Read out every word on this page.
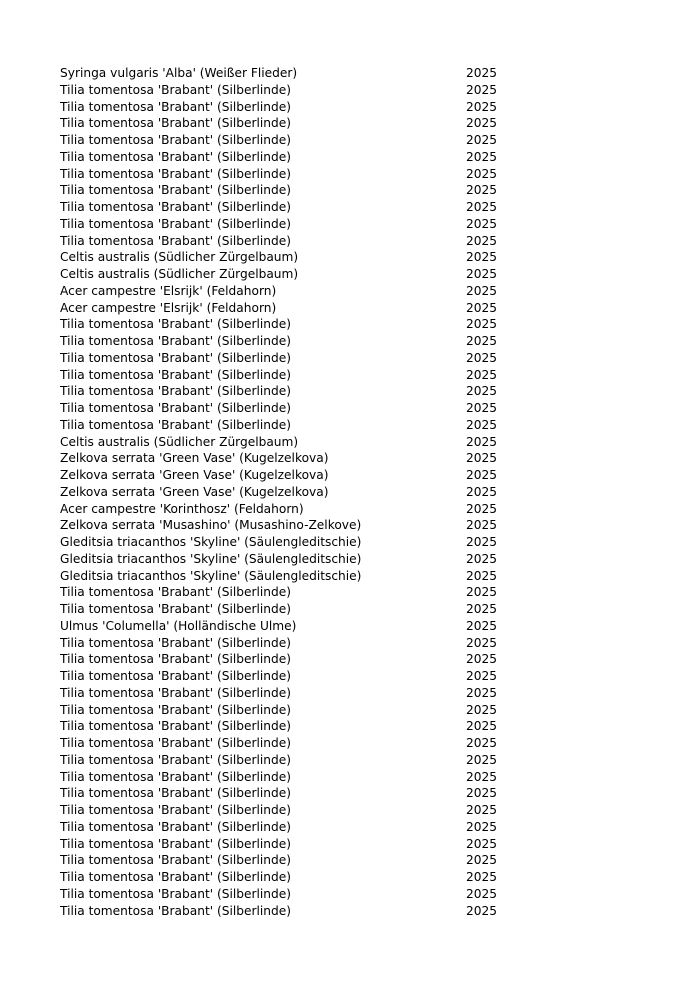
Syringa vulgaris 'Alba' (Weißer Flieder)	2025
Tilia tomentosa 'Brabant' (Silberlinde)	2025
Tilia tomentosa 'Brabant' (Silberlinde)	2025
Tilia tomentosa 'Brabant' (Silberlinde)	2025
Tilia tomentosa 'Brabant' (Silberlinde)	2025
Tilia tomentosa 'Brabant' (Silberlinde)	2025
Tilia tomentosa 'Brabant' (Silberlinde)	2025
Tilia tomentosa 'Brabant' (Silberlinde)	2025
Tilia tomentosa 'Brabant' (Silberlinde)	2025
Tilia tomentosa 'Brabant' (Silberlinde)	2025
Tilia tomentosa 'Brabant' (Silberlinde)	2025
Celtis australis (Südlicher Zürgelbaum)	2025
Celtis australis (Südlicher Zürgelbaum)	2025
Acer campestre 'Elsrijk' (Feldahorn)	2025
Acer campestre 'Elsrijk' (Feldahorn)	2025
Tilia tomentosa 'Brabant' (Silberlinde)	2025
Tilia tomentosa 'Brabant' (Silberlinde)	2025
Tilia tomentosa 'Brabant' (Silberlinde)	2025
Tilia tomentosa 'Brabant' (Silberlinde)	2025
Tilia tomentosa 'Brabant' (Silberlinde)	2025
Tilia tomentosa 'Brabant' (Silberlinde)	2025
Tilia tomentosa 'Brabant' (Silberlinde)	2025
Celtis australis (Südlicher Zürgelbaum)	2025
Zelkova serrata 'Green Vase' (Kugelzelkova)	2025
Zelkova serrata 'Green Vase' (Kugelzelkova)	2025
Zelkova serrata 'Green Vase' (Kugelzelkova)	2025
Acer campestre 'Korinthosz' (Feldahorn)	2025
Zelkova serrata 'Musashino' (Musashino-Zelkove)	2025
Gleditsia triacanthos 'Skyline' (Säulengleditschie)	2025
Gleditsia triacanthos 'Skyline' (Säulengleditschie)	2025
Gleditsia triacanthos 'Skyline' (Säulengleditschie)	2025
Tilia tomentosa 'Brabant' (Silberlinde)	2025
Tilia tomentosa 'Brabant' (Silberlinde)	2025
Ulmus 'Columella' (Holländische Ulme)	2025
Tilia tomentosa 'Brabant' (Silberlinde)	2025
Tilia tomentosa 'Brabant' (Silberlinde)	2025
Tilia tomentosa 'Brabant' (Silberlinde)	2025
Tilia tomentosa 'Brabant' (Silberlinde)	2025
Tilia tomentosa 'Brabant' (Silberlinde)	2025
Tilia tomentosa 'Brabant' (Silberlinde)	2025
Tilia tomentosa 'Brabant' (Silberlinde)	2025
Tilia tomentosa 'Brabant' (Silberlinde)	2025
Tilia tomentosa 'Brabant' (Silberlinde)	2025
Tilia tomentosa 'Brabant' (Silberlinde)	2025
Tilia tomentosa 'Brabant' (Silberlinde)	2025
Tilia tomentosa 'Brabant' (Silberlinde)	2025
Tilia tomentosa 'Brabant' (Silberlinde)	2025
Tilia tomentosa 'Brabant' (Silberlinde)	2025
Tilia tomentosa 'Brabant' (Silberlinde)	2025
Tilia tomentosa 'Brabant' (Silberlinde)	2025
Tilia tomentosa 'Brabant' (Silberlinde)	2025
